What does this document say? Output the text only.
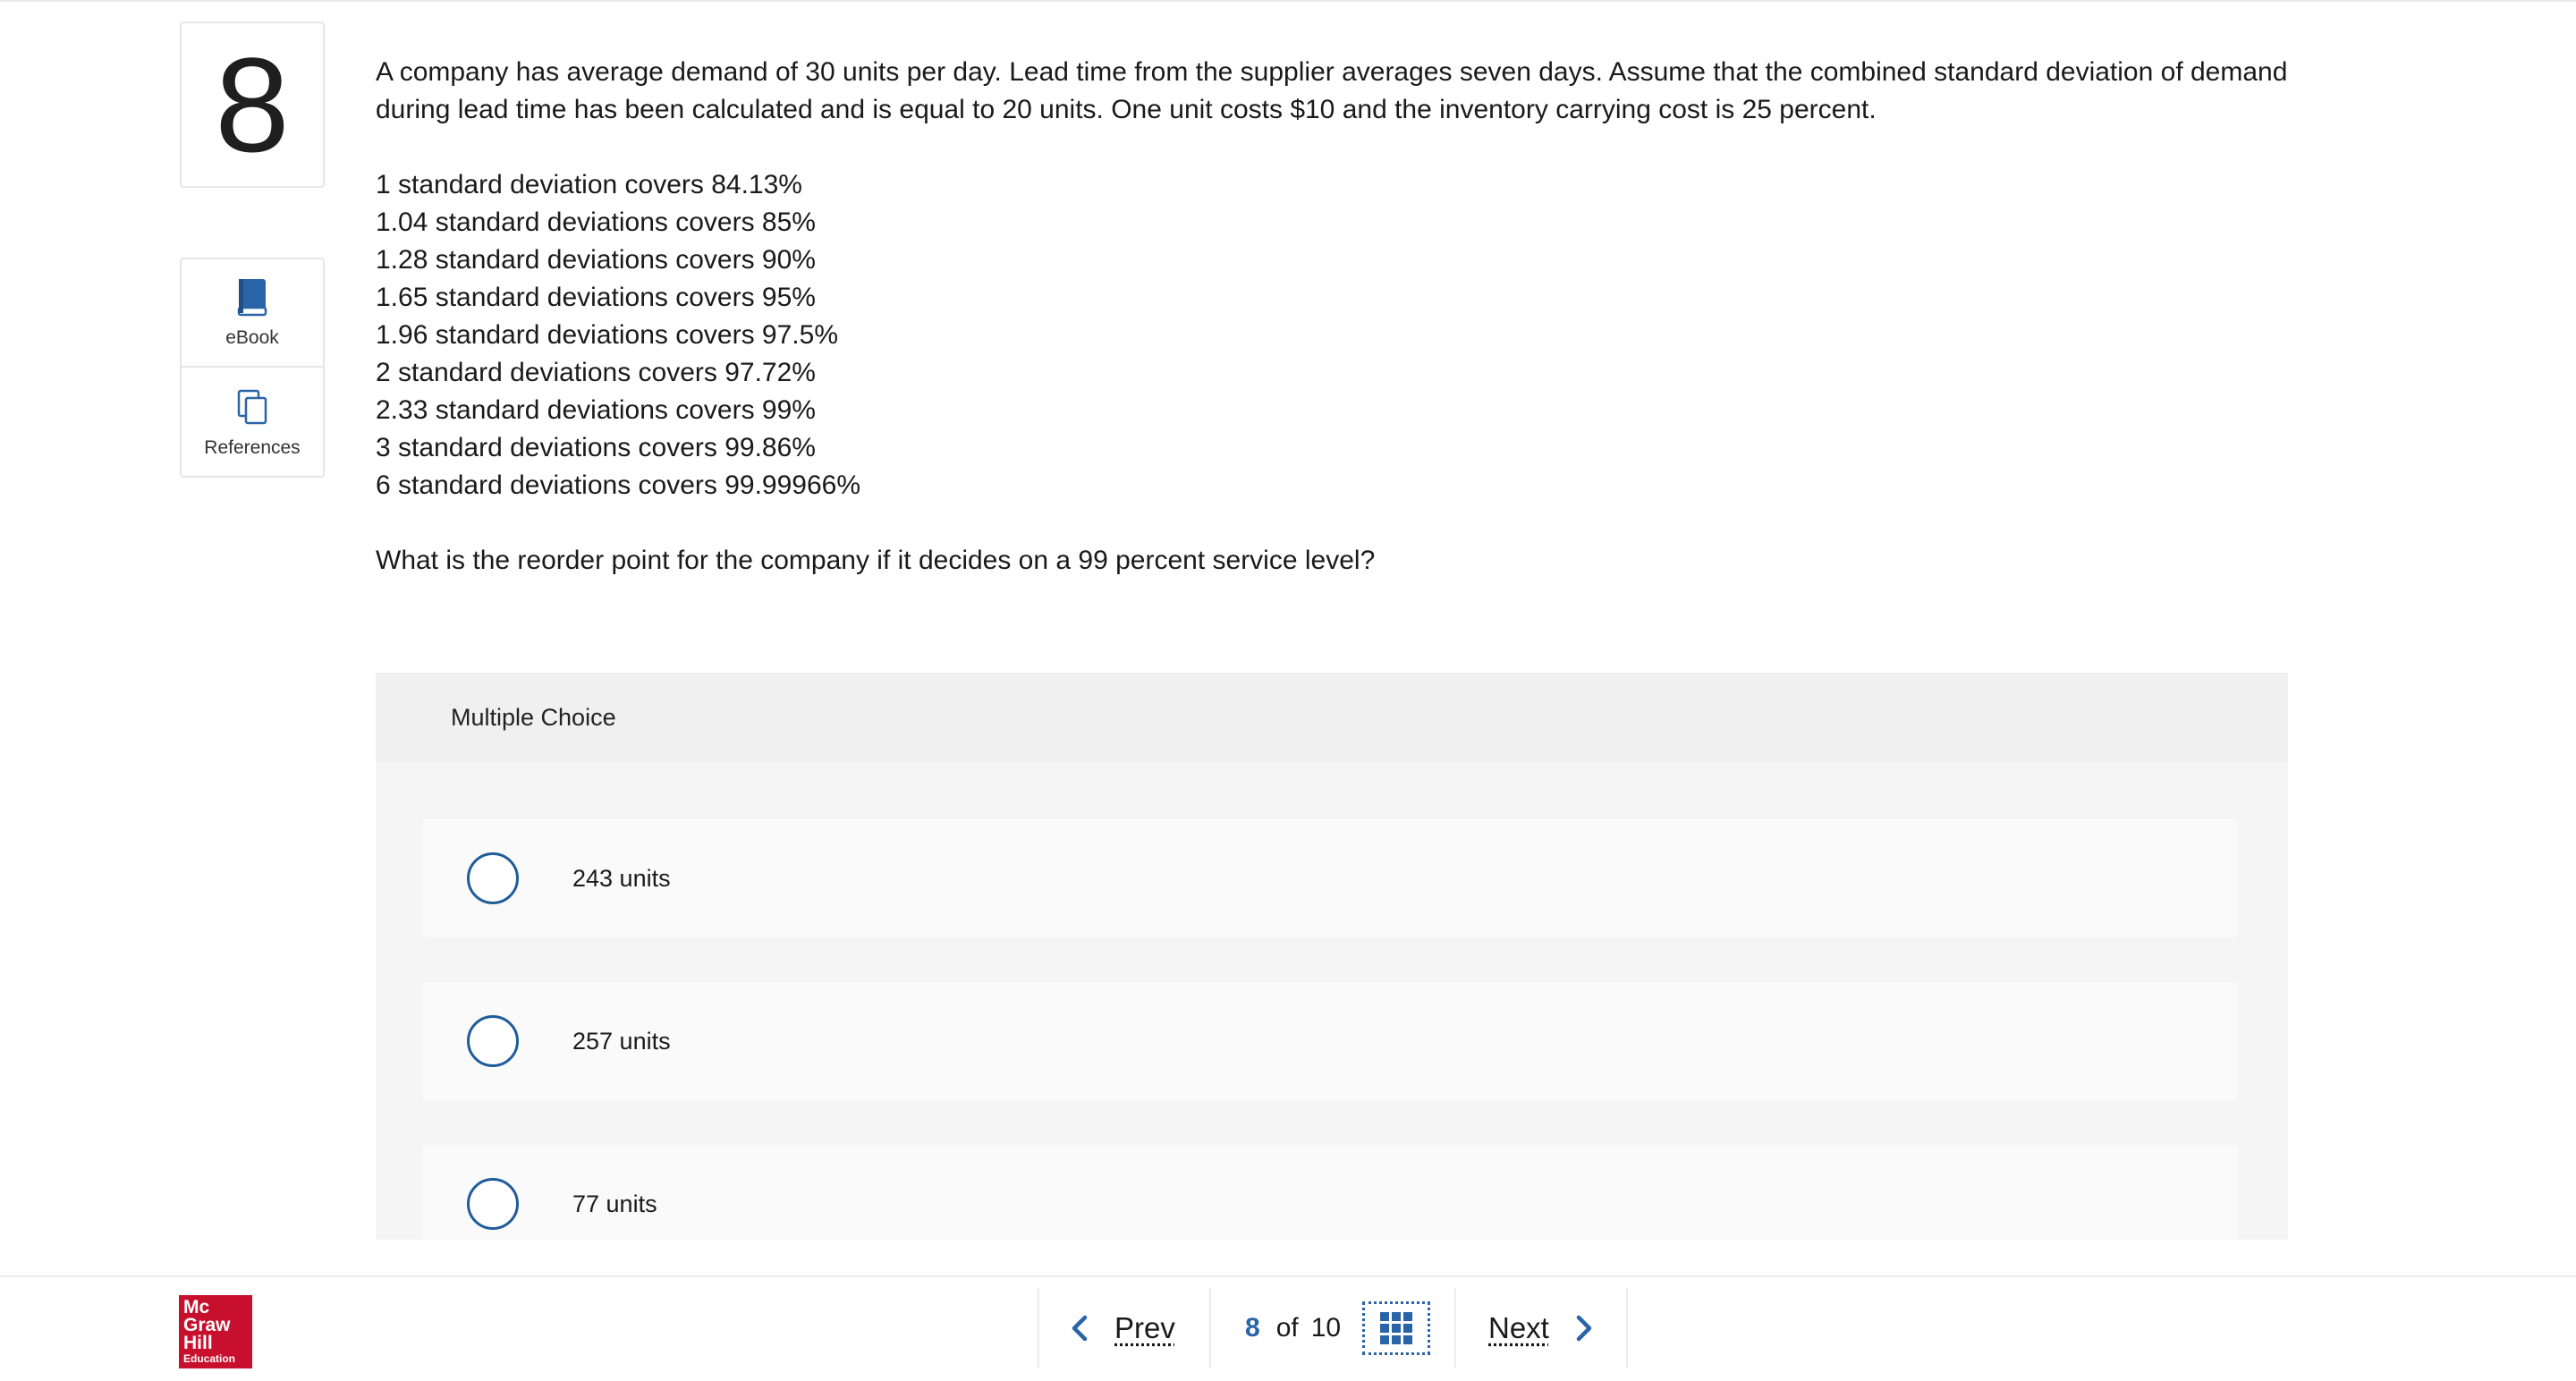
8
eBook
References
A company has average demand of 30 units per day. Lead time from the supplier averages seven days. Assume that the combined standard deviation of demand during lead time has been calculated and is equal to 20 units. One unit costs $10 and the inventory carrying cost is 25 percent.
1 standard deviation covers 84.13%
1.04 standard deviations covers 85%
1.28 standard deviations covers 90%
1.65 standard deviations covers 95%
1.96 standard deviations covers 97.5%
2 standard deviations covers 97.72%
2.33 standard deviations covers 99%
3 standard deviations covers 99.86%
6 standard deviations covers 99.99966%
What is the reorder point for the company if it decides on a 99 percent service level?
Multiple Choice
243 units
257 units
77 units
Mc
Graw
Hill
Education
Prev	8 of 10	Next
